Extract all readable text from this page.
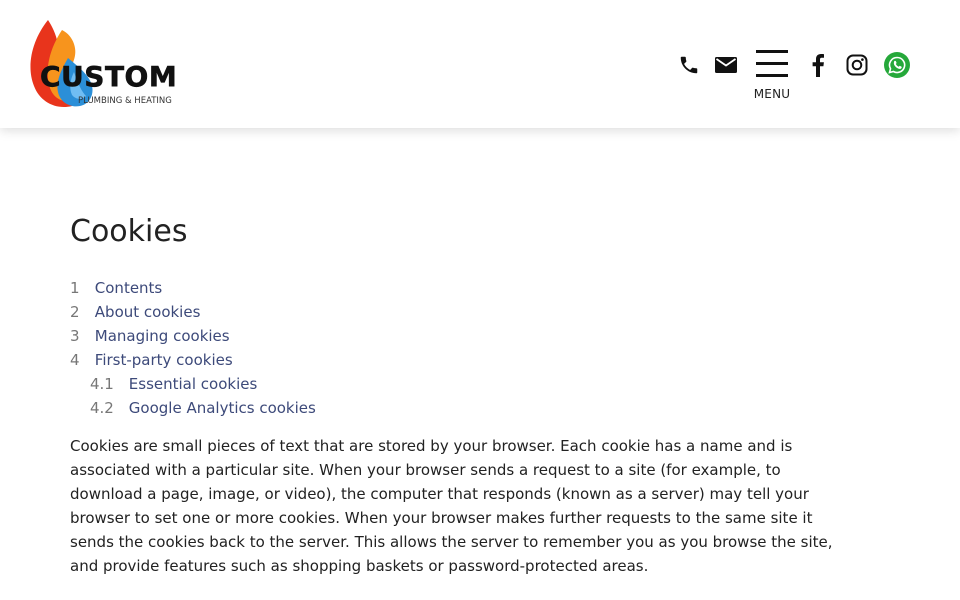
CUSTOM
PLUMBING & HEATING	MENU
Cookies
1 Contents
2 About cookies
3 Managing cookies
4 First-party cookies
4.1 Essential cookies
4.2 Google Analytics cookies

Cookies are small pieces of text that are stored by your browser. Each cookie has a name and is associated with a particular site. When your browser sends a request to a site (for example, to download a page, image, or video), the computer that responds (known as a server) may tell your browser to set one or more cookies. When your browser makes further requests to the same site it sends the cookies back to the server. This allows the server to remember you as you browse the site, and provide features such as shopping baskets or password-protected areas.
